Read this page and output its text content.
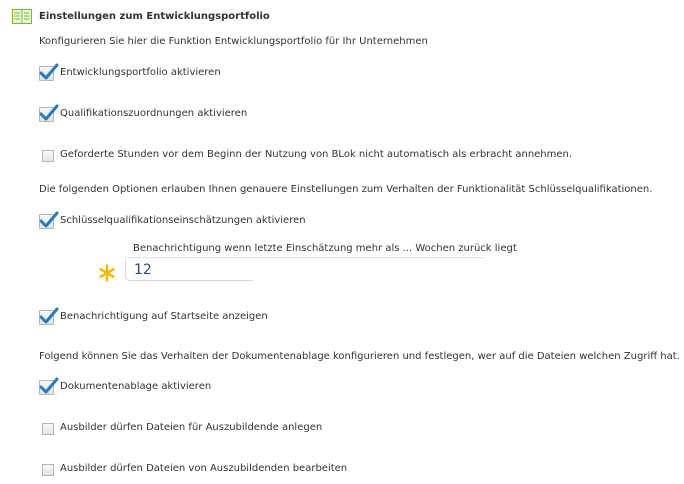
Einstellungen zum Entwicklungsportfolio
Konfigurieren Sie hier die Funktion Entwicklungsportfolio für Ihr Unternehmen
Entwicklungsportfolio aktivieren
Qualifikationszuordnungen aktivieren
Geforderte Stunden vor dem Beginn der Nutzung von BLok nicht automatisch als erbracht annehmen.
Die folgenden Optionen erlauben Ihnen genauere Einstellungen zum Verhalten der Funktionalität Schlüsselqualifikationen.
Schlüsselqualifikationseinschätzungen aktivieren
Benachrichtigung wenn letzte Einschätzung mehr als ... Wochen zurück liegt
12
Benachrichtigung auf Startseite anzeigen
Folgend können Sie das Verhalten der Dokumentenablage konfigurieren und festlegen, wer auf die Dateien welchen Zugriff hat.
Dokumentenablage aktivieren
Ausbilder dürfen Dateien für Auszubildende anlegen
Ausbilder dürfen Dateien von Auszubildenden bearbeiten
